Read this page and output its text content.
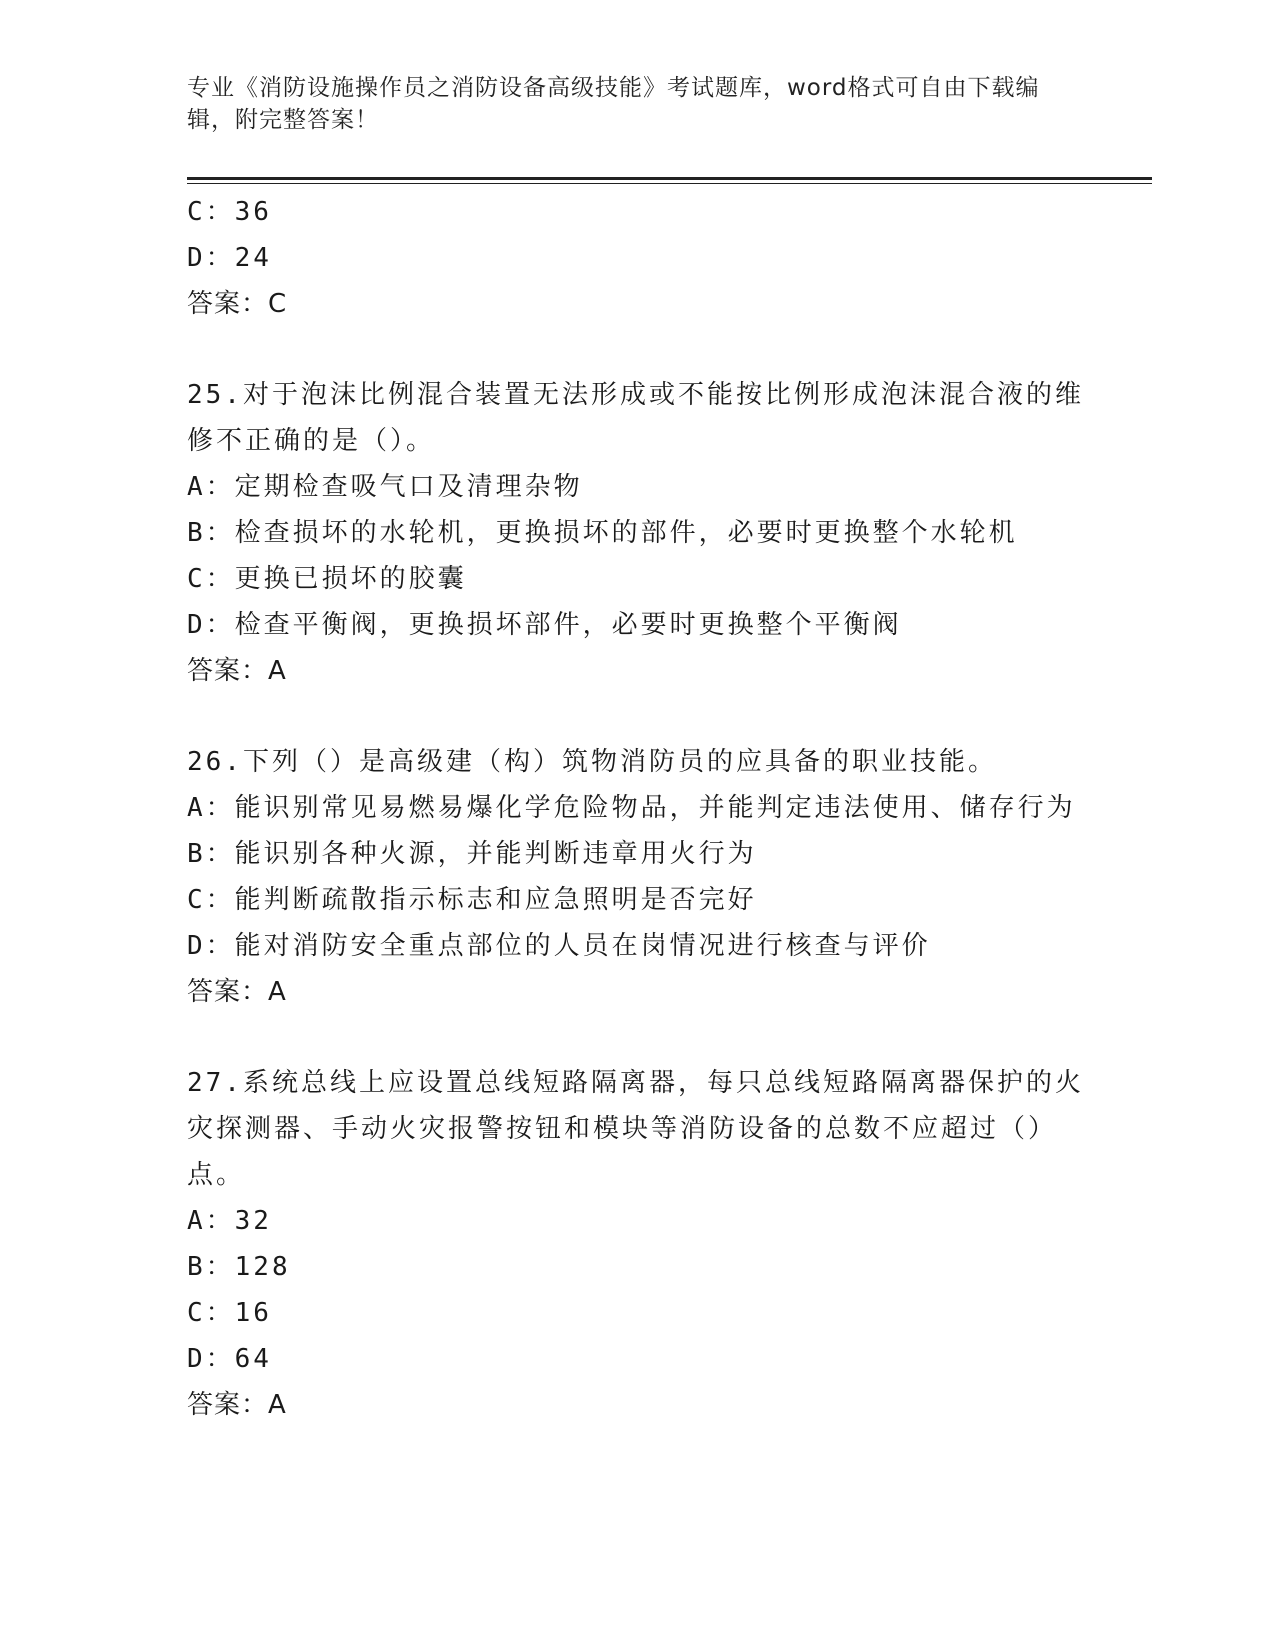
专业《消防设施操作员之消防设备高级技能》考试题库，word格式可自由下载编
辑，附完整答案！
C：36
D：24
答案：C
25.对于泡沫比例混合装置无法形成或不能按比例形成泡沫混合液的维
修不正确的是（）。
A：定期检查吸气口及清理杂物
B：检查损坏的水轮机，更换损坏的部件，必要时更换整个水轮机
C：更换已损坏的胶囊
D：检查平衡阀，更换损坏部件，必要时更换整个平衡阀
答案：A
26.下列（）是高级建（构）筑物消防员的应具备的职业技能。
A：能识别常见易燃易爆化学危险物品，并能判定违法使用、储存行为
B：能识别各种火源，并能判断违章用火行为
C：能判断疏散指示标志和应急照明是否完好
D：能对消防安全重点部位的人员在岗情况进行核查与评价
答案：A
27.系统总线上应设置总线短路隔离器，每只总线短路隔离器保护的火
灾探测器、手动火灾报警按钮和模块等消防设备的总数不应超过（）
点。
A：32
B：128
C：16
D：64
答案：A
